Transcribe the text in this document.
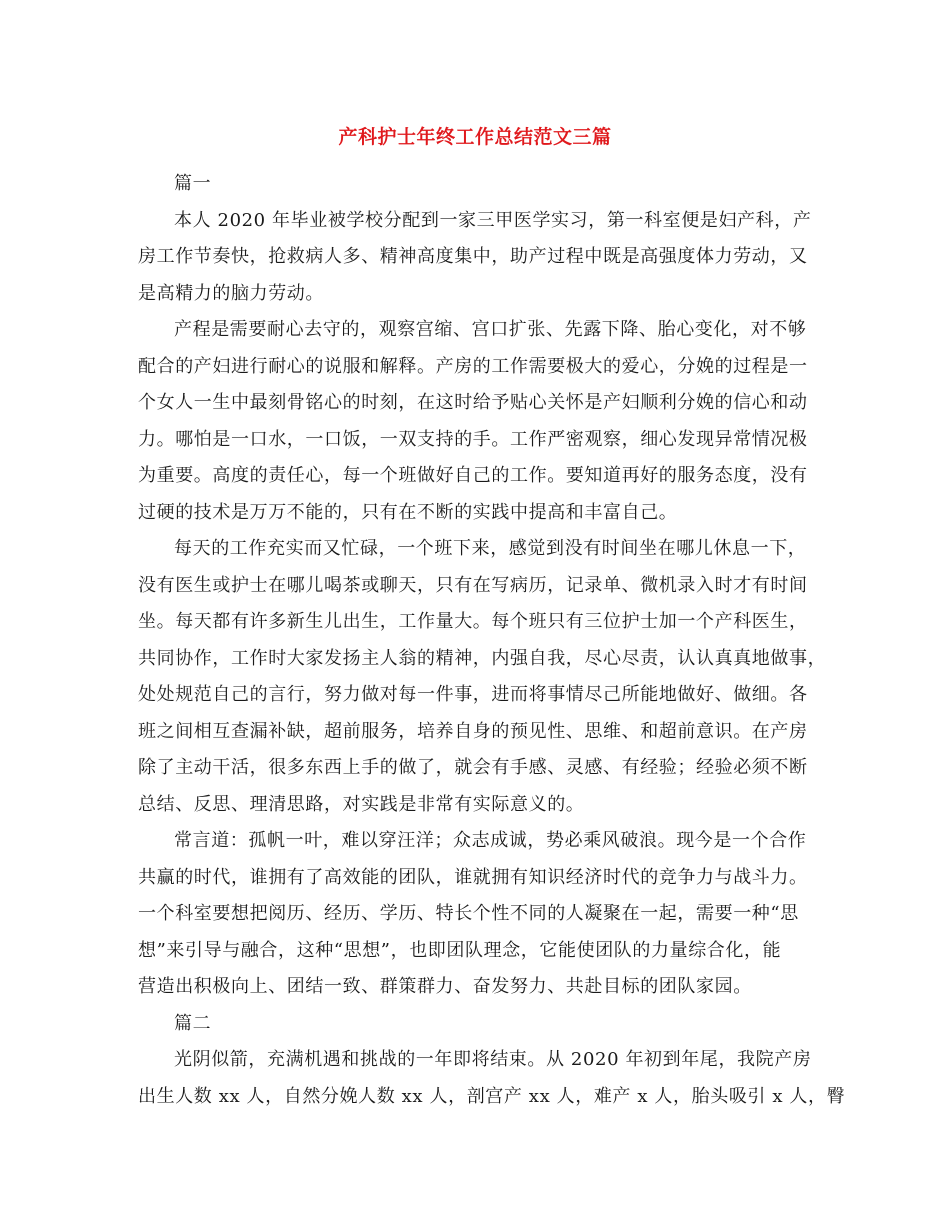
产科护士年终工作总结范文三篇
篇一
本人 2020 年毕业被学校分配到一家三甲医学实习，第一科室便是妇产科，产
房工作节奏快，抢救病人多、精神高度集中，助产过程中既是高强度体力劳动，又
是高精力的脑力劳动。
产程是需要耐心去守的，观察宫缩、宫口扩张、先露下降、胎心变化，对不够
配合的产妇进行耐心的说服和解释。产房的工作需要极大的爱心，分娩的过程是一
个女人一生中最刻骨铭心的时刻，在这时给予贴心关怀是产妇顺利分娩的信心和动
力。哪怕是一口水，一口饭，一双支持的手。工作严密观察，细心发现异常情况极
为重要。高度的责任心，每一个班做好自己的工作。要知道再好的服务态度，没有
过硬的技术是万万不能的，只有在不断的实践中提高和丰富自己。
每天的工作充实而又忙碌，一个班下来，感觉到没有时间坐在哪儿休息一下，
没有医生或护士在哪儿喝茶或聊天，只有在写病历，记录单、微机录入时才有时间
坐。每天都有许多新生儿出生，工作量大。每个班只有三位护士加一个产科医生，
共同协作，工作时大家发扬主人翁的精神，内强自我，尽心尽责，认认真真地做事，
处处规范自己的言行，努力做对每一件事，进而将事情尽己所能地做好、做细。各
班之间相互查漏补缺，超前服务，培养自身的预见性、思维、和超前意识。在产房
除了主动干活，很多东西上手的做了，就会有手感、灵感、有经验；经验必须不断
总结、反思、理清思路，对实践是非常有实际意义的。
常言道：孤帆一叶，难以穿汪洋；众志成诚，势必乘风破浪。现今是一个合作
共赢的时代，谁拥有了高效能的团队，谁就拥有知识经济时代的竞争力与战斗力。
一个科室要想把阅历、经历、学历、特长个性不同的人凝聚在一起，需要一种“思
想”来引导与融合，这种“思想”，也即团队理念，它能使团队的力量综合化，能
营造出积极向上、团结一致、群策群力、奋发努力、共赴目标的团队家园。
篇二
光阴似箭，充满机遇和挑战的一年即将结束。从 2020 年初到年尾，我院产房
出生人数 xx 人，自然分娩人数 xx 人，剖宫产 xx 人，难产 x 人，胎头吸引 x 人，臀
